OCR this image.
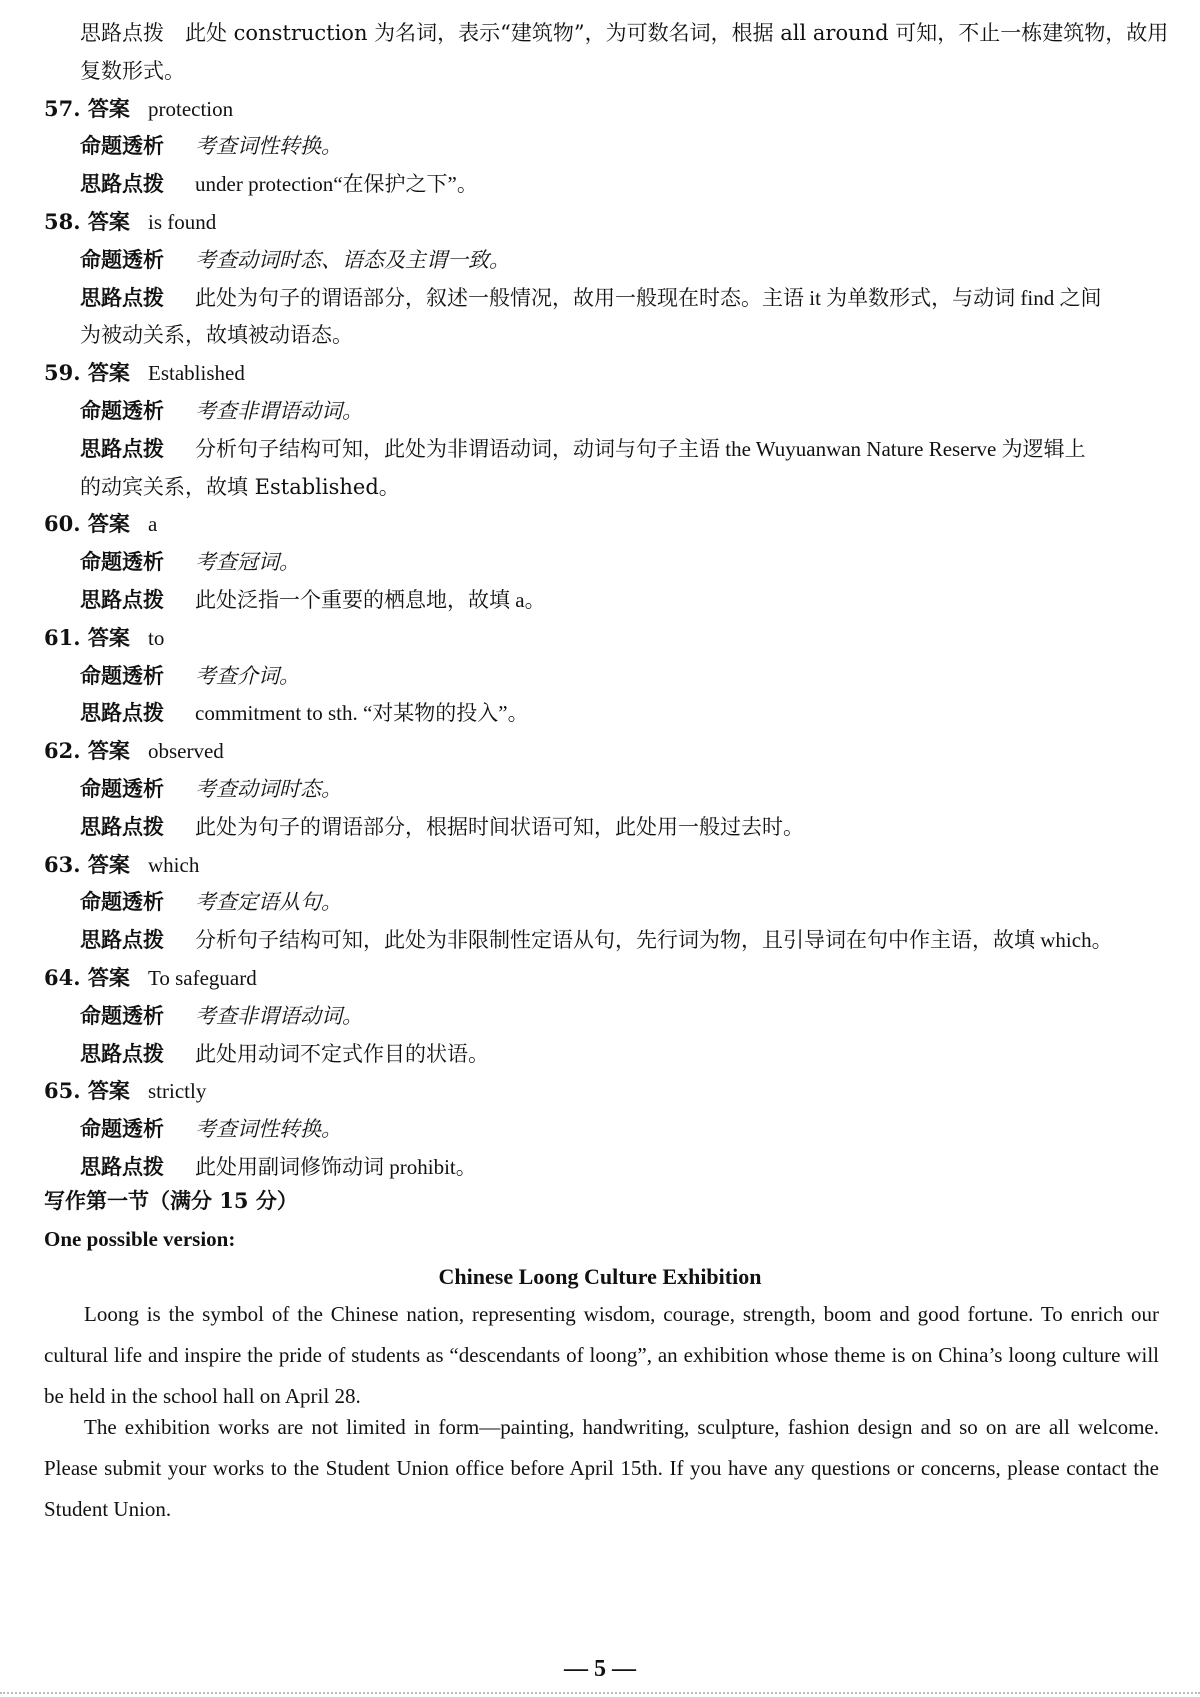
思路点拨　此处 construction 为名词，表示“建筑物”，为可数名词，根据 all around 可知，不止一栋建筑物，故用
复数形式。
57. 答案 protection
命题透析 考查词性转换。
思路点拨 under protection“在保护之下”。
58. 答案 is found
命题透析 考查动词时态、语态及主谓一致。
思路点拨 此处为句子的谓语部分，叙述一般情况，故用一般现在时态。主语 it 为单数形式，与动词 find 之间
为被动关系，故填被动语态。
59. 答案 Established
命题透析 考查非谓语动词。
思路点拨 分析句子结构可知，此处为非谓语动词，动词与句子主语 the Wuyuanwan Nature Reserve 为逻辑上
的动宾关系，故填 Established。
60. 答案 a
命题透析 考查冠词。
思路点拨 此处泛指一个重要的栖息地，故填 a。
61. 答案 to
命题透析 考查介词。
思路点拨 commitment to sth. “对某物的投入”。
62. 答案 observed
命题透析 考查动词时态。
思路点拨 此处为句子的谓语部分，根据时间状语可知，此处用一般过去时。
63. 答案 which
命题透析 考查定语从句。
思路点拨 分析句子结构可知，此处为非限制性定语从句，先行词为物，且引导词在句中作主语，故填 which。
64. 答案 To safeguard
命题透析 考查非谓语动词。
思路点拨 此处用动词不定式作目的状语。
65. 答案 strictly
命题透析 考查词性转换。
思路点拨 此处用副词修饰动词 prohibit。
写作第一节（满分 15 分）
One possible version:
Chinese Loong Culture Exhibition
Loong is the symbol of the Chinese nation, representing wisdom, courage, strength, boom and good fortune. To enrich our cultural life and inspire the pride of students as “descendants of loong”, an exhibition whose theme is on China’s loong culture will be held in the school hall on April 28.
The exhibition works are not limited in form—painting, handwriting, sculpture, fashion design and so on are all welcome. Please submit your works to the Student Union office before April 15th. If you have any questions or concerns, please contact the Student Union.
— 5 —
